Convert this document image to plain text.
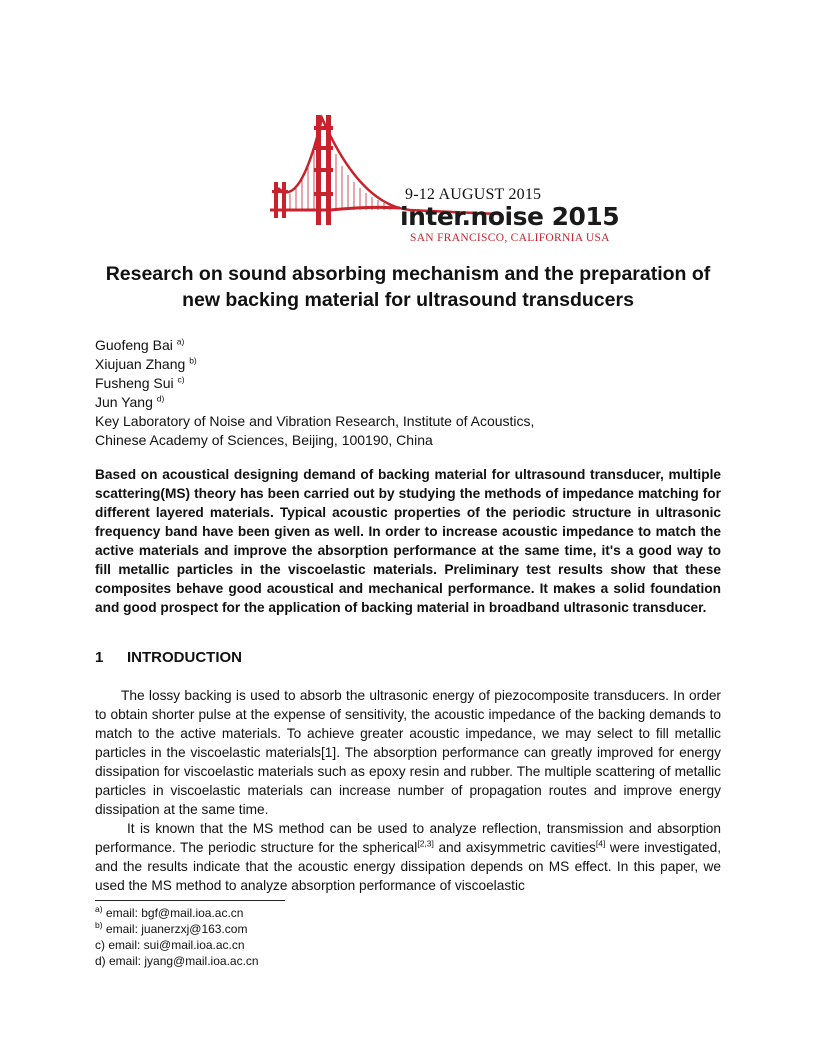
9-12 AUGUST 2015
inter.noise 2015
SAN FRANCISCO, CALIFORNIA USA
Research on sound absorbing mechanism and the preparation of
new backing material for ultrasound transducers
Guofeng Bai $^{a)}$
Xiujuan Zhang $^{b)}$
Fusheng Sui $^{c)}$
Jun Yang $^{d)}$
Key Laboratory of Noise and Vibration Research, Institute of Acoustics,
Chinese Academy of Sciences, Beijing, 100190, China
Based on acoustical designing demand of backing material for ultrasound transducer, multiple scattering(MS) theory has been carried out by studying the methods of impedance matching for different layered materials. Typical acoustic properties of the periodic structure in ultrasonic frequency band have been given as well. In order to increase acoustic impedance to match the active materials and improve the absorption performance at the same time, it's a good way to fill metallic particles in the viscoelastic materials. Preliminary test results show that these composites behave good acoustical and mechanical performance. It makes a solid foundation and good prospect for the application of backing material in broadband ultrasonic transducer.
1 INTRODUCTION

The lossy backing is used to absorb the ultrasonic energy of piezocomposite transducers. In order to obtain shorter pulse at the expense of sensitivity, the acoustic impedance of the backing demands to match to the active materials. To achieve greater acoustic impedance, we may select to fill metallic particles in the viscoelastic materials[1]. The absorption performance can greatly improved for energy dissipation for viscoelastic materials such as epoxy resin and rubber. The multiple scattering of metallic particles in viscoelastic materials can increase number of propagation routes and improve energy dissipation at the same time.

It is known that the MS method can be used to analyze reflection, transmission and absorption performance. The periodic structure for the spherical[2,3] and axisymmetric cavities[4] were investigated, and the results indicate that the acoustic energy dissipation depends on MS effect. In this paper, we used the MS method to analyze absorption performance of viscoelastic

$^{a)}$ email: bgf@mail.ioa.ac.cn
$^{b)}$ email: juanerzxj@163.com
c) email: sui@mail.ioa.ac.cn
d) email: jyang@mail.ioa.ac.cn
